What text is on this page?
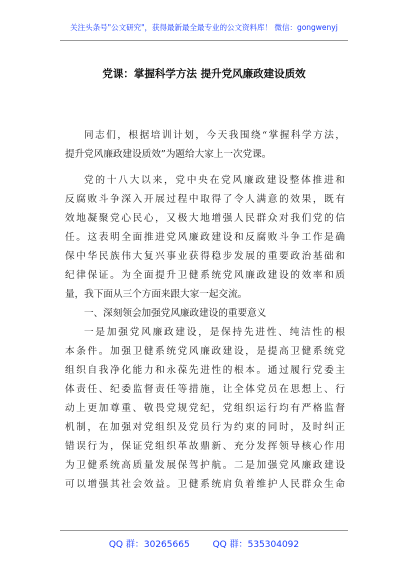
关注头条号"公文研究"，获得最新最全最专业的公文资料库！ 微信：gongwenyj
党课：掌握科学方法 提升党风廉政建设质效
同志们，根据培训计划，今天我围绕“掌握科学方法，
提升党风廉政建设质效”为题给大家上一次党课。
党的十八大以来，党中央在党风廉政建设整体推进和
反腐败斗争深入开展过程中取得了令人满意的效果，既有
效地凝聚党心民心，又极大地增强人民群众对我们党的信
任。这表明全面推进党风廉政建设和反腐败斗争工作是确
保中华民族伟大复兴事业获得稳步发展的重要政治基础和
纪律保证。为全面提升卫健系统党风廉政建设的效率和质
量，我下面从三个方面来跟大家一起交流。
一、深刻领会加强党风廉政建设的重要意义
一是加强党风廉政建设，是保持先进性、纯洁性的根
本条件。加强卫健系统党风廉政建设，是提高卫健系统党
组织自我净化能力和永葆先进性的根本。通过履行党委主
体责任、纪委监督责任等措施，让全体党员在思想上、行
动上更加尊重、敬畏党规党纪，党组织运行均有严格监督
机制，在加强对党组织及党员行为约束的同时，及时纠正
错误行为，保证党组织革故鼎新、充分发挥领导核心作用
为卫健系统高质量发展保驾护航。二是加强党风廉政建设
可以增强其社会效益。卫健系统肩负着维护人民群众生命
QQ 群：30265665	QQ 群：535304092
